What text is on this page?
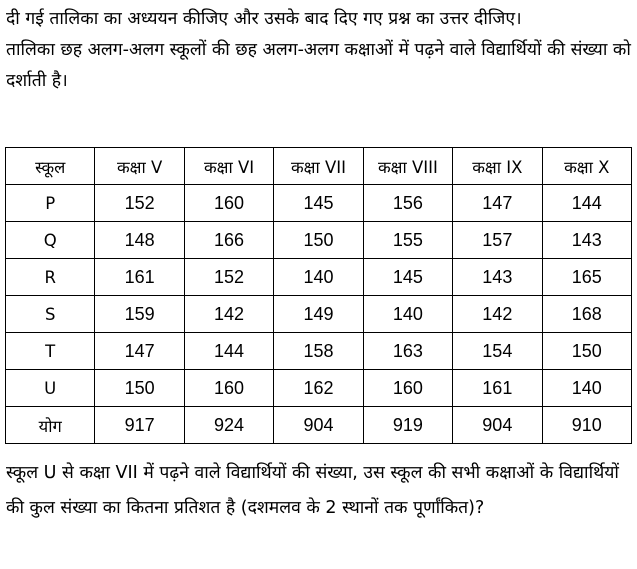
दी गई तालिका का अध्ययन कीजिए और उसके बाद दिए गए प्रश्न का उत्तर दीजिए।

तालिका छह अलग-अलग स्कूलों की छह अलग-अलग कक्षाओं में पढ़ने वाले विद्यार्थियों की संख्या को दर्शाती है।

स्कूल	कक्षा V	कक्षा VI	कक्षा VII	कक्षा VIII	कक्षा IX	कक्षा X
P	152	160	145	156	147	144
Q	148	166	150	155	157	143
R	161	152	140	145	143	165
S	159	142	149	140	142	168
T	147	144	158	163	154	150
U	150	160	162	160	161	140
योग	917	924	904	919	904	910

स्कूल U से कक्षा VII में पढ़ने वाले विद्यार्थियों की संख्या, उस स्कूल की सभी कक्षाओं के विद्यार्थियों की कुल संख्या का कितना प्रतिशत है (दशमलव के 2 स्थानों तक पूर्णांकित)?
